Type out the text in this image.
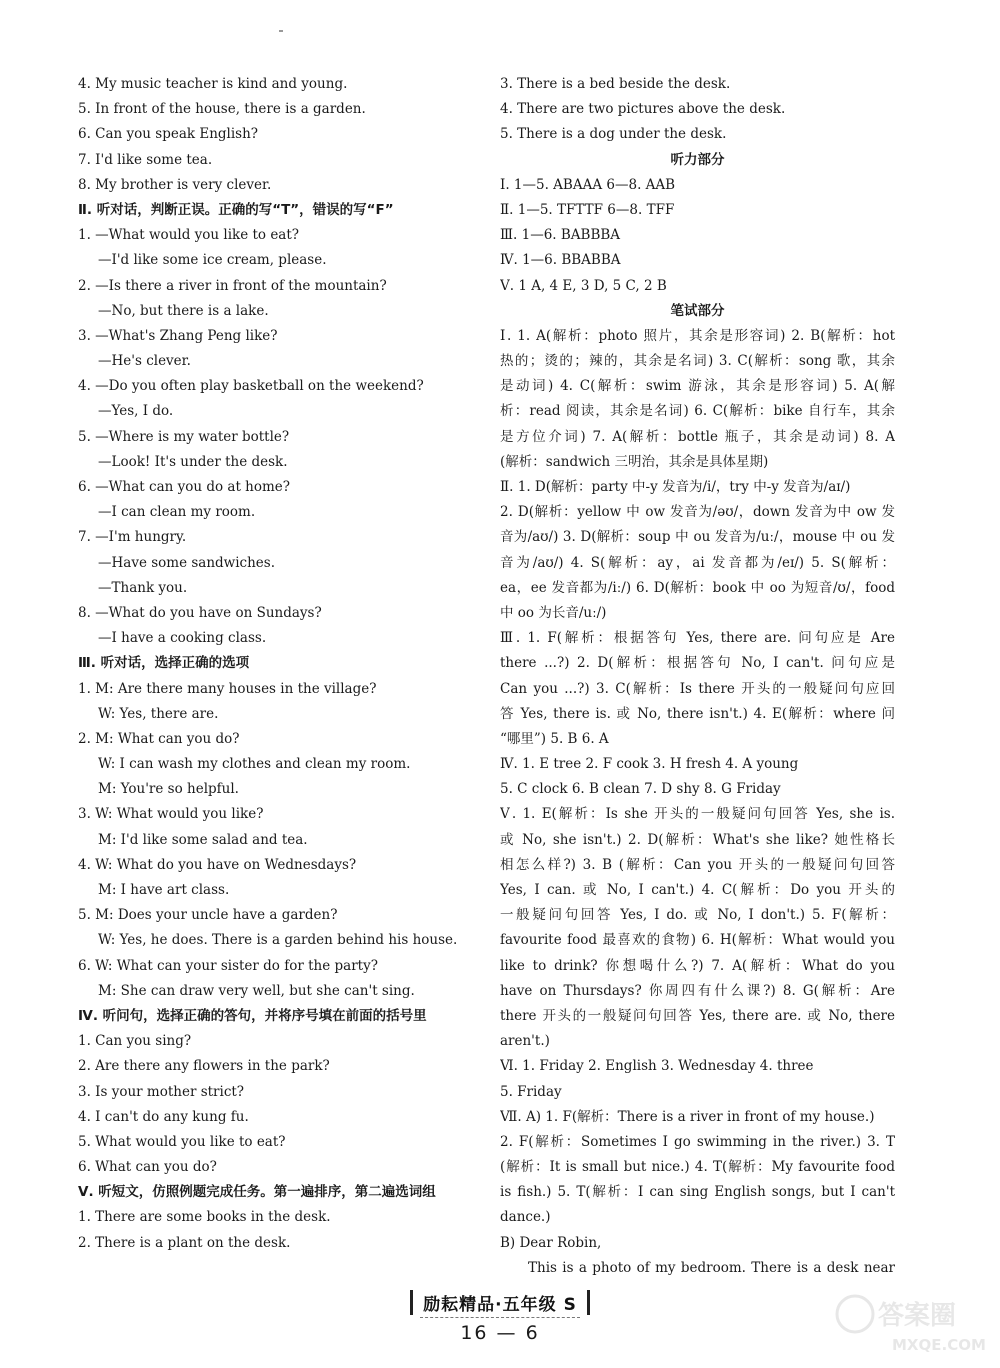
4. My music teacher is kind and young.
5. In front of the house, there is a garden.
6. Can you speak English?
7. I'd like some tea.
8. My brother is very clever.
Ⅱ. 听对话，判断正误。正确的写“T”，错误的写“F”
1. —What would you like to eat?
—I'd like some ice cream, please.
2. —Is there a river in front of the mountain?
—No, but there is a lake.
3. —What's Zhang Peng like?
—He's clever.
4. —Do you often play basketball on the weekend?
—Yes, I do.
5. —Where is my water bottle?
—Look! It's under the desk.
6. —What can you do at home?
—I can clean my room.
7. —I'm hungry.
—Have some sandwiches.
—Thank you.
8. —What do you have on Sundays?
—I have a cooking class.
Ⅲ. 听对话，选择正确的选项
1. M: Are there many houses in the village?
W: Yes, there are.
2. M: What can you do?
W: I can wash my clothes and clean my room.
M: You're so helpful.
3. W: What would you like?
M: I'd like some salad and tea.
4. W: What do you have on Wednesdays?
M: I have art class.
5. M: Does your uncle have a garden?
W: Yes, he does. There is a garden behind his house.
6. W: What can your sister do for the party?
M: She can draw very well, but she can't sing.
Ⅳ. 听问句，选择正确的答句，并将序号填在前面的括号里
1. Can you sing?
2. Are there any flowers in the park?
3. Is your mother strict?
4. I can't do any kung fu.
5. What would you like to eat?
6. What can you do?
Ⅴ. 听短文，仿照例题完成任务。第一遍排序，第二遍选词组
1. There are some books in the desk.
2. There is a plant on the desk.
3. There is a bed beside the desk.
4. There are two pictures above the desk.
5. There is a dog under the desk.
听力部分
Ⅰ. 1—5. ABAAA 6—8. AAB
Ⅱ. 1—5. TFTTF 6—8. TFF
Ⅲ. 1—6. BABBBA
Ⅳ. 1—6. BBABBA
Ⅴ. 1 A, 4 E, 3 D, 5 C, 2 B
笔试部分
Ⅰ. 1. A(解析：photo 照片，其余是形容词) 2. B(解析：hot
热的；烫的；辣的，其余是名词) 3. C(解析：song 歌，其余
是动词) 4. C(解析：swim 游泳，其余是形容词) 5. A(解
析：read 阅读，其余是名词) 6. C(解析：bike 自行车，其余
是方位介词) 7. A(解析：bottle 瓶子，其余是动词) 8. A
(解析：sandwich 三明治，其余是具体星期)
Ⅱ. 1. D(解析：party 中-y 发音为/i/，try 中-y 发音为/aɪ/)
2. D(解析：yellow 中 ow 发音为/əʊ/，down 发音为中 ow 发
音为/aʊ/) 3. D(解析：soup 中 ou 发音为/uː/，mouse 中 ou 发
音为/aʊ/) 4. S(解析：ay，ai 发音都为/eɪ/) 5. S(解析：
ea，ee 发音都为/iː/) 6. D(解析：book 中 oo 为短音/ʊ/，food
中 oo 为长音/uː/)
Ⅲ. 1. F(解析：根据答句 Yes, there are. 问句应是 Are
there ...?) 2. D(解析：根据答句 No, I can't. 问句应是
Can you ...?) 3. C(解析：Is there 开头的一般疑问句应回
答 Yes, there is. 或 No, there isn't.) 4. E(解析：where 问
“哪里”) 5. B 6. A
Ⅳ. 1. E tree 2. F cook 3. H fresh 4. A young
5. C clock 6. B clean 7. D shy 8. G Friday
Ⅴ. 1. E(解析：Is she 开头的一般疑问句回答 Yes, she is.
或 No, she isn't.) 2. D(解析：What's she like? 她性格长
相怎么样?) 3. B (解析：Can you 开头的一般疑问句回答
Yes, I can. 或 No, I can't.) 4. C(解析：Do you 开头的
一般疑问句回答 Yes, I do. 或 No, I don't.) 5. F(解析：
favourite food 最喜欢的食物) 6. H(解析：What would you
like to drink? 你想喝什么?) 7. A(解析：What do you
have on Thursdays? 你周四有什么课?) 8. G(解析：Are
there 开头的一般疑问句回答 Yes, there are. 或 No, there
aren't.)
Ⅵ. 1. Friday 2. English 3. Wednesday 4. three
5. Friday
Ⅶ. A) 1. F(解析：There is a river in front of my house.)
2. F(解析：Sometimes I go swimming in the river.) 3. T
(解析：It is small but nice.) 4. T(解析：My favourite food
is fish.) 5. T(解析：I can sing English songs, but I can't
dance.)
B) Dear Robin,
This is a photo of my bedroom. There is a desk near
励耘精品·五年级 S
16 — 6
答案圈
MXQE.COM
